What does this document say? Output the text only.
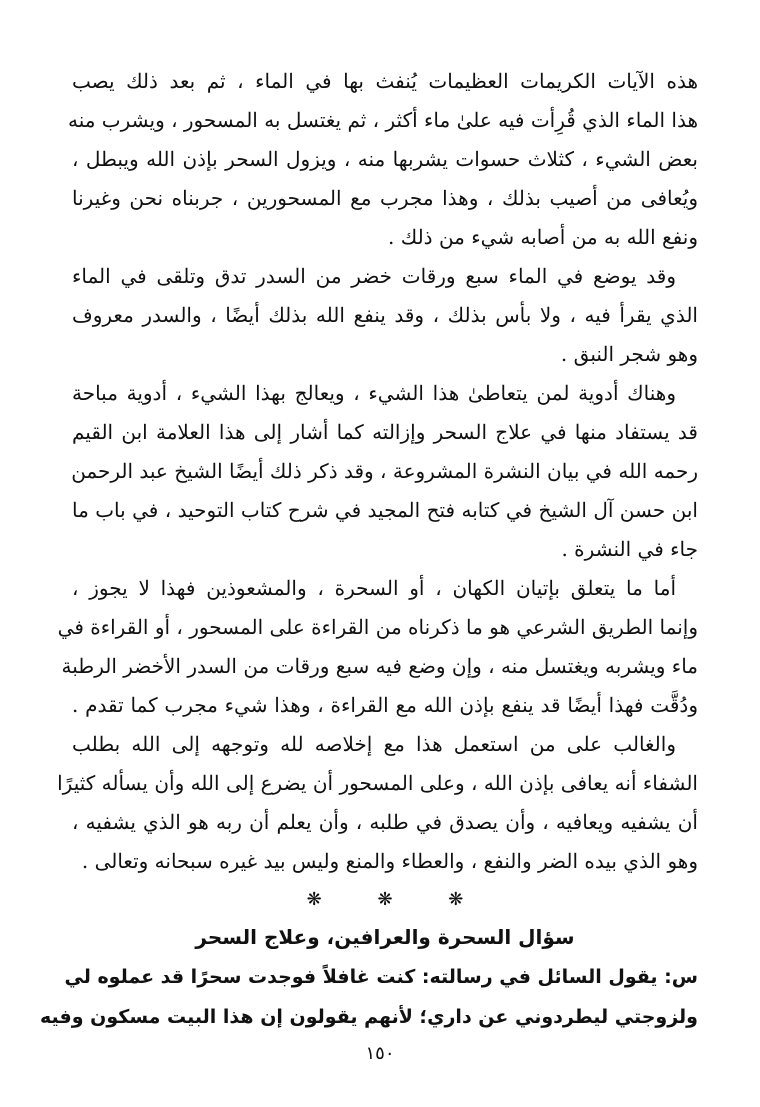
هذه الآيات الكريمات العظيمات يُنفث بها في الماء ، ثم بعد ذلك يصب
هذا الماء الذي قُرِأت فيه علىٰ ماء أكثر ، ثم يغتسل به المسحور ، ويشرب منه
بعض الشيء ، كثلاث حسوات يشربها منه ، ويزول السحر بإذن الله ويبطل ،
ويُعافى من أصيب بذلك ، وهذا مجرب مع المسحورين ، جربناه نحن وغيرنا
ونفع الله به من أصابه شيء من ذلك .
وقد يوضع في الماء سبع ورقات خضر من السدر تدق وتلقى في الماء
الذي يقرأ فيه ، ولا بأس بذلك ، وقد ينفع الله بذلك أيضًا ، والسدر معروف
وهو شجر النبق .
وهناك أدوية لمن يتعاطىٰ هذا الشيء ، ويعالج بهذا الشيء ، أدوية مباحة
قد يستفاد منها في علاج السحر وإزالته كما أشار إلى هذا العلامة ابن القيم
رحمه الله في بيان النشرة المشروعة ، وقد ذكر ذلك أيضًا الشيخ عبد الرحمن
ابن حسن آل الشيخ في كتابه فتح المجيد في شرح كتاب التوحيد ، في باب ما
جاء في النشرة .
أما ما يتعلق بإتيان الكهان ، أو السحرة ، والمشعوذين فهذا لا يجوز ،
وإنما الطريق الشرعي هو ما ذكرناه من القراءة على المسحور ، أو القراءة في
ماء ويشربه ويغتسل منه ، وإن وضع فيه سبع ورقات من السدر الأخضر الرطبة
ودُقَّت فهذا أيضًا قد ينفع بإذن الله مع القراءة ، وهذا شيء مجرب كما تقدم .
والغالب على من استعمل هذا مع إخلاصه لله وتوجهه إلى الله بطلب
الشفاء أنه يعافى بإذن الله ، وعلى المسحور أن يضرع إلى الله وأن يسأله كثيرًا
أن يشفيه ويعافيه ، وأن يصدق في طلبه ، وأن يعلم أن ربه هو الذي يشفيه ،
وهو الذي بيده الضر والنفع ، والعطاء والمنع وليس بيد غيره سبحانه وتعالى .
❋ ❋ ❋
سؤال السحرة والعرافين، وعلاج السحر
س: يقول السائل في رسالته: كنت غافلاً فوجدت سحرًا قد عملوه لي
ولزوجتي ليطردوني عن داري؛ لأنهم يقولون إن هذا البيت مسكون وفيه
١٥٠
